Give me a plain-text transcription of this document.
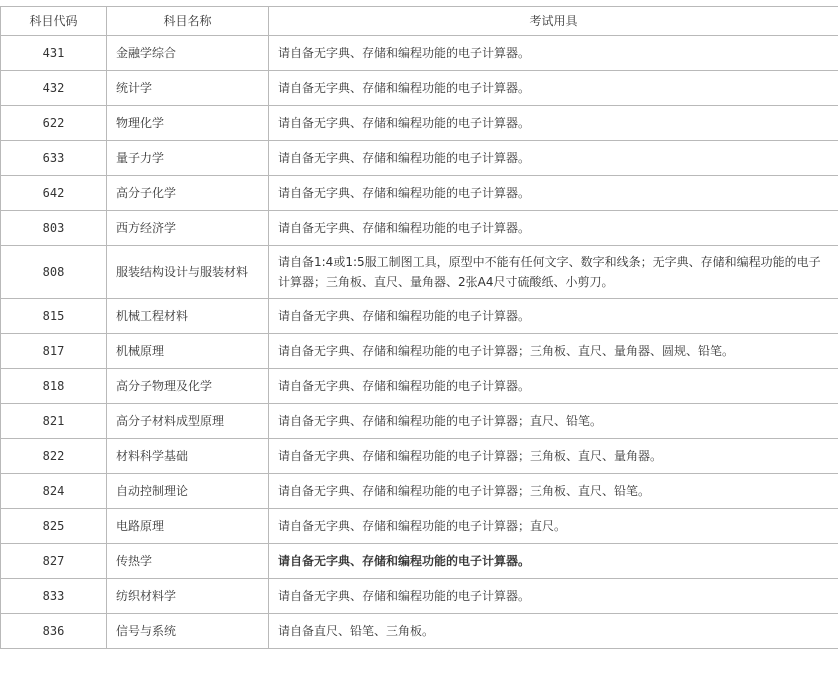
科目代码	科目名称	考试用具
431	金融学综合	请自备无字典、存储和编程功能的电子计算器。
432	统计学	请自备无字典、存储和编程功能的电子计算器。
622	物理化学	请自备无字典、存储和编程功能的电子计算器。
633	量子力学	请自备无字典、存储和编程功能的电子计算器。
642	高分子化学	请自备无字典、存储和编程功能的电子计算器。
803	西方经济学	请自备无字典、存储和编程功能的电子计算器。
808	服装结构设计与服装材料	请自备1:4或1:5服工制图工具，原型中不能有任何文字、数字和线条；无字典、存储和编程功能的电子计算器；三角板、直尺、量角器、2张A4尺寸硫酸纸、小剪刀。
815	机械工程材料	请自备无字典、存储和编程功能的电子计算器。
817	机械原理	请自备无字典、存储和编程功能的电子计算器；三角板、直尺、量角器、圆规、铅笔。
818	高分子物理及化学	请自备无字典、存储和编程功能的电子计算器。
821	高分子材料成型原理	请自备无字典、存储和编程功能的电子计算器；直尺、铅笔。
822	材料科学基础	请自备无字典、存储和编程功能的电子计算器；三角板、直尺、量角器。
824	自动控制理论	请自备无字典、存储和编程功能的电子计算器；三角板、直尺、铅笔。
825	电路原理	请自备无字典、存储和编程功能的电子计算器；直尺。
827	传热学	请自备无字典、存储和编程功能的电子计算器。
833	纺织材料学	请自备无字典、存储和编程功能的电子计算器。
836	信号与系统	请自备直尺、铅笔、三角板。
